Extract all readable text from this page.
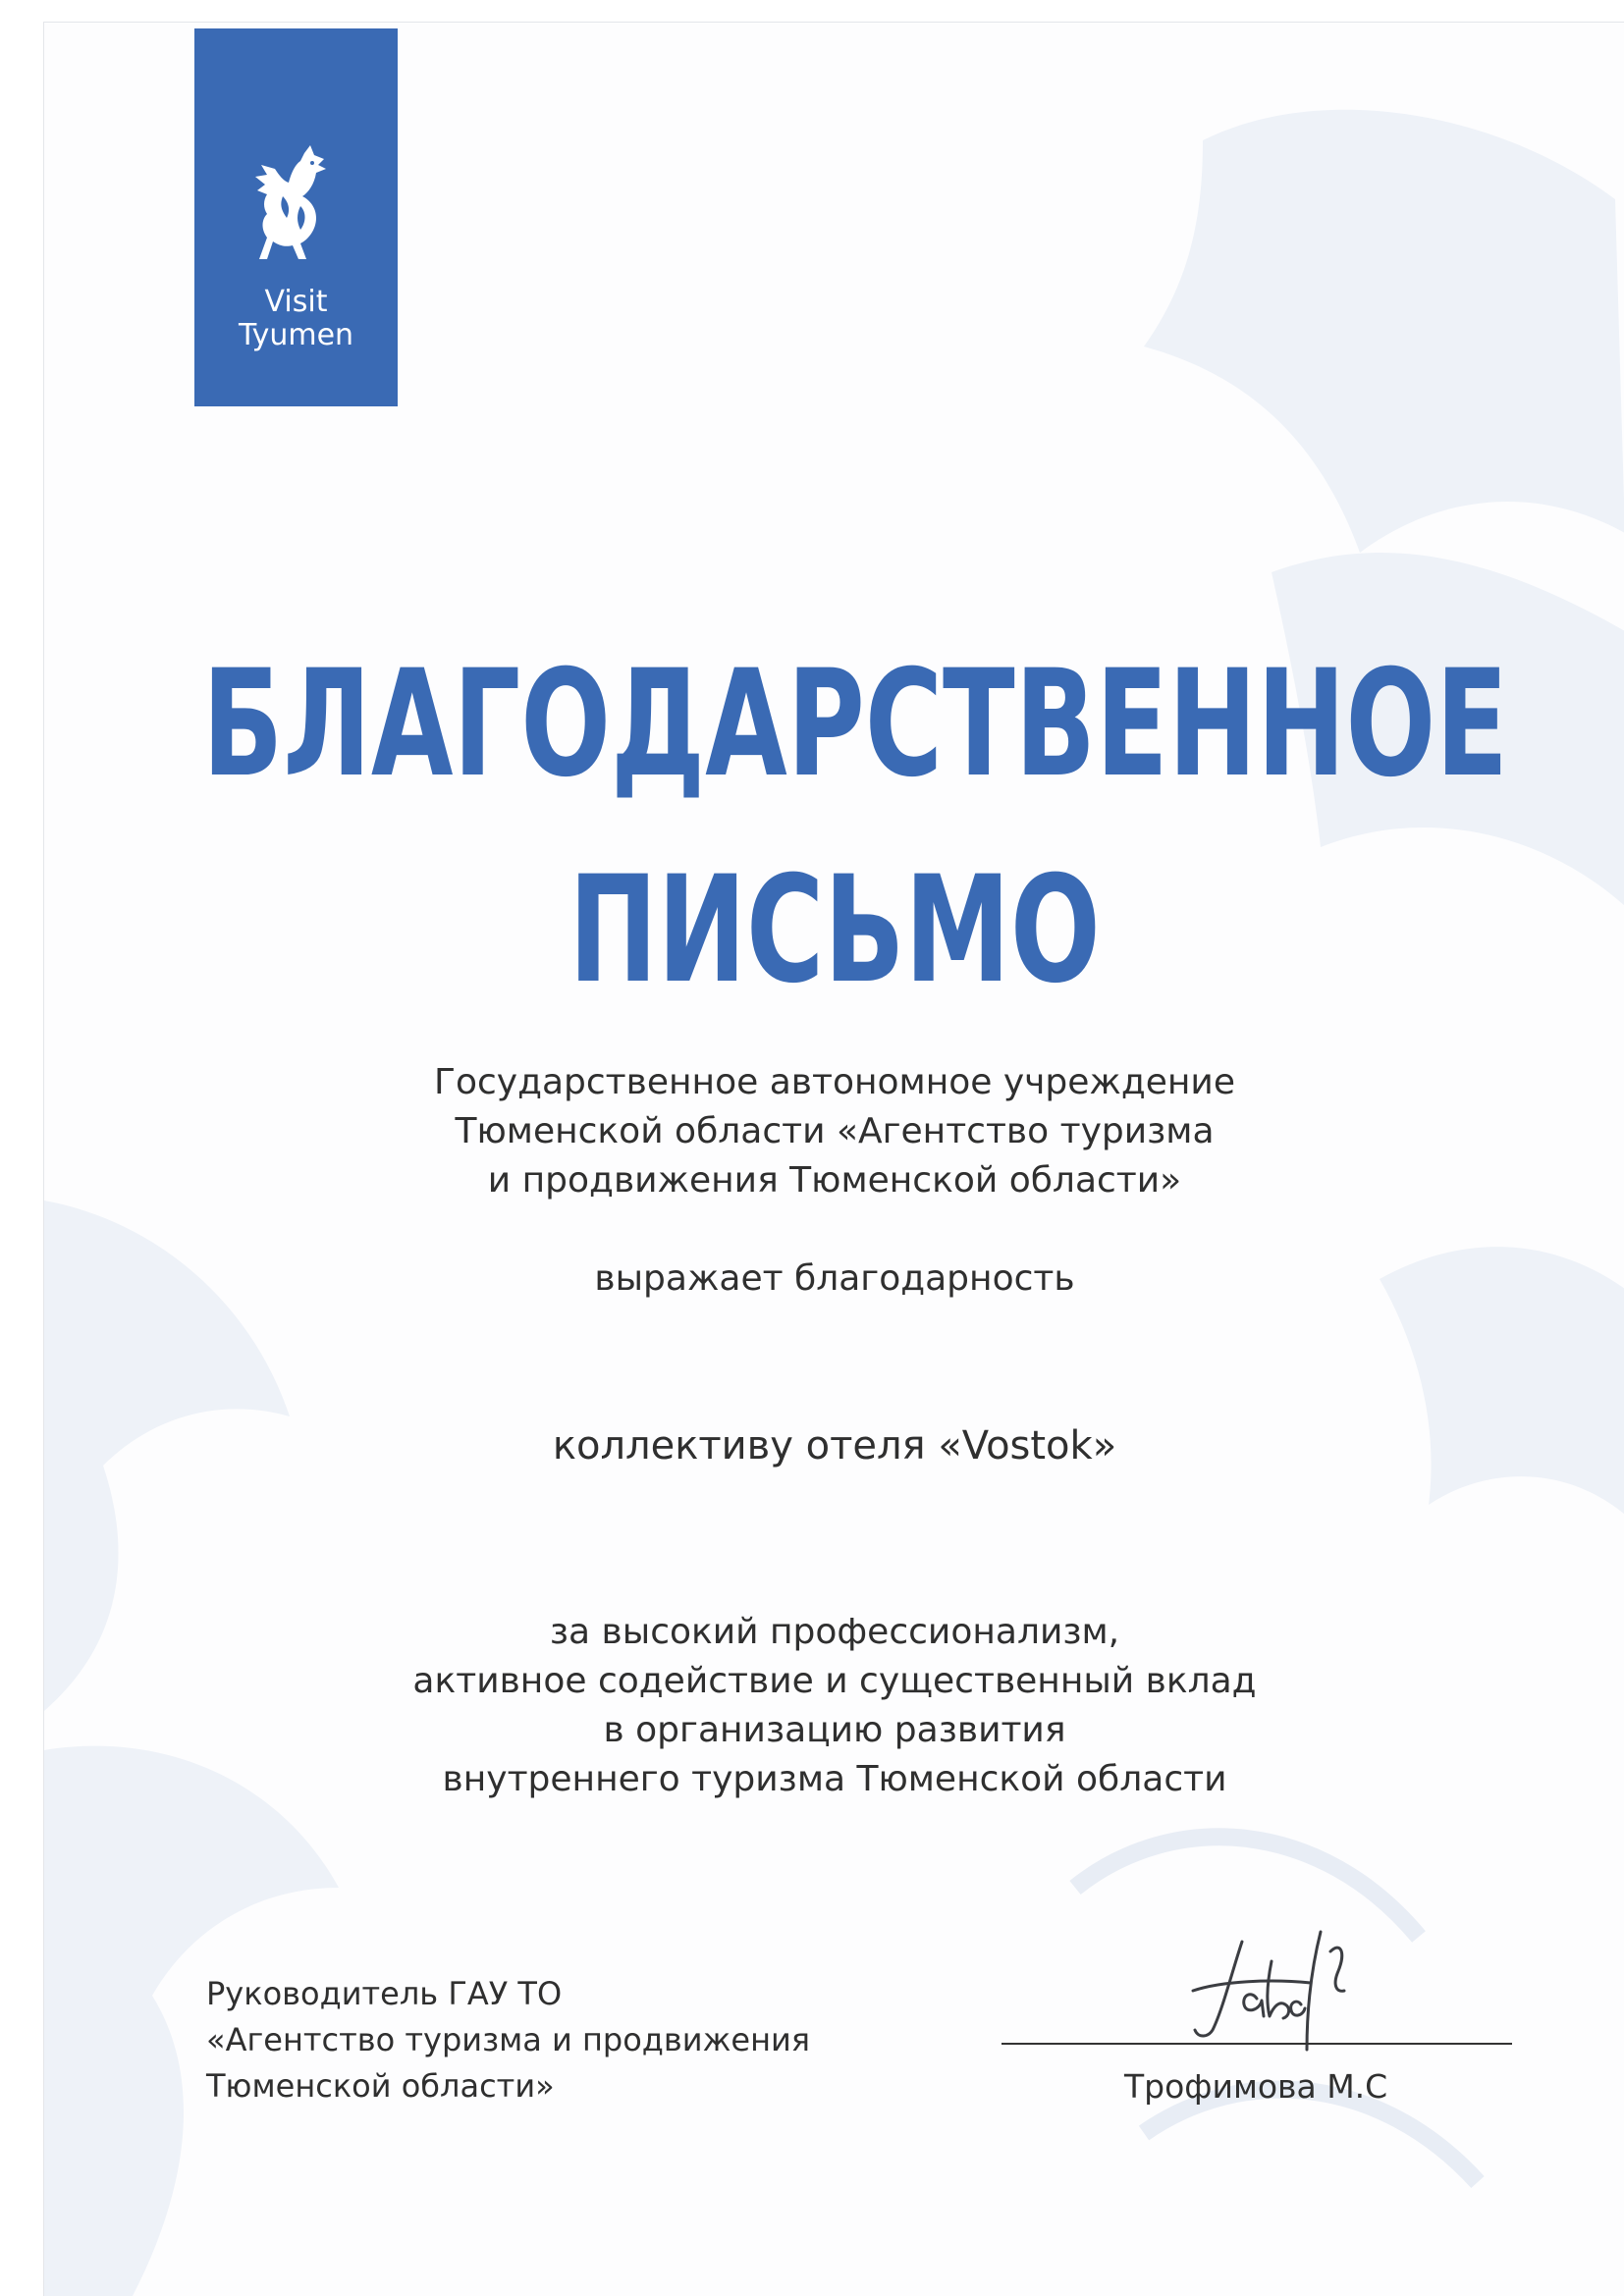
Visit
Tyumen
БЛАГОДАРСТВЕННОЕ
ПИСЬМО
Государственное автономное учреждение
Тюменской области «Агентство туризма
и продвижения Тюменской области»
выражает благодарность
коллективу отеля «Vostok»
за высокий профессионализм,
активное содействие и существенный вклад
в организацию развития
внутреннего туризма Тюменской области
Руководитель ГАУ ТО
«Агентство туризма и продвижения
Тюменской области»	Трофимова М.С
